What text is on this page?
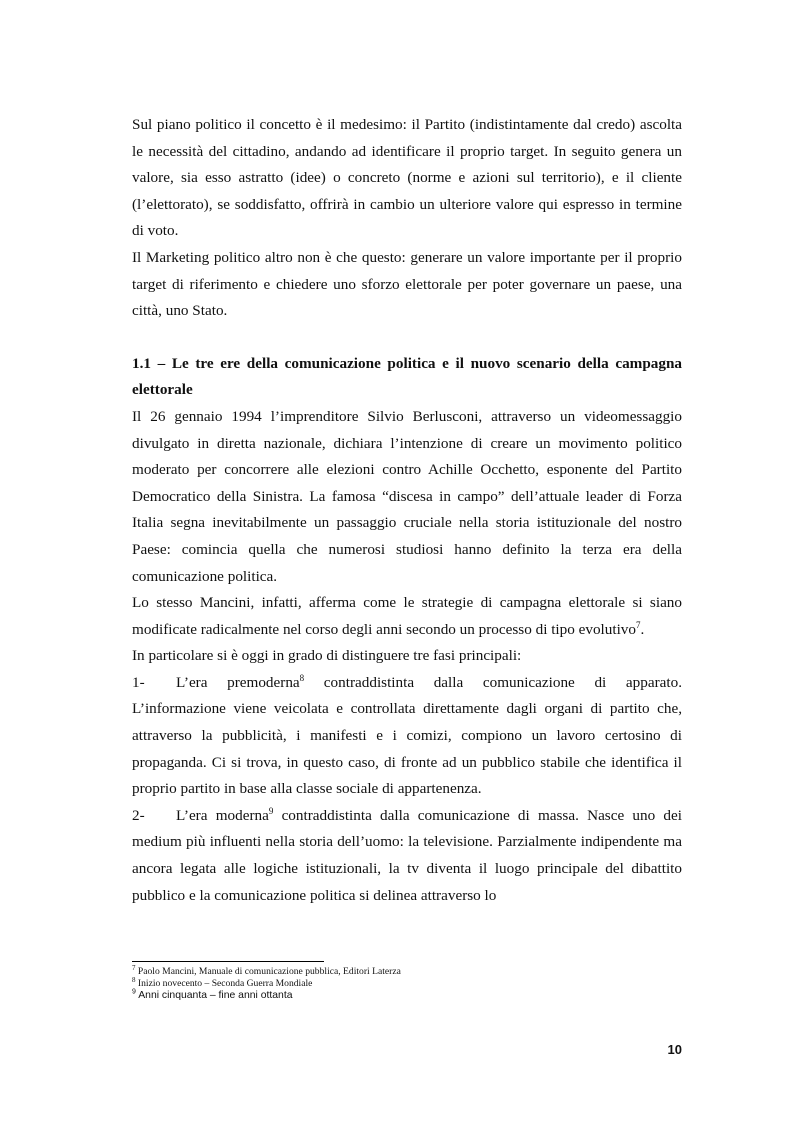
Sul piano politico il concetto è il medesimo: il Partito (indistintamente dal credo) ascolta le necessità del cittadino, andando ad identificare il proprio target. In seguito genera un valore, sia esso astratto (idee) o concreto (norme e azioni sul territorio), e il cliente (l’elettorato), se soddisfatto, offrirà in cambio un ulteriore valore qui espresso in termine di voto.

Il Marketing politico altro non è che questo: generare un valore importante per il proprio target di riferimento e chiedere uno sforzo elettorale per poter governare un paese, una città, uno Stato.

1.1 – Le tre ere della comunicazione politica e il nuovo scenario della campagna elettorale

Il 26 gennaio 1994 l’imprenditore Silvio Berlusconi, attraverso un videomessaggio divulgato in diretta nazionale, dichiara l’intenzione di creare un movimento politico moderato per concorrere alle elezioni contro Achille Occhetto, esponente del Partito Democratico della Sinistra. La famosa “discesa in campo” dell’attuale leader di Forza Italia segna inevitabilmente un passaggio cruciale nella storia istituzionale del nostro Paese: comincia quella che numerosi studiosi hanno definito la terza era della comunicazione politica.

Lo stesso Mancini, infatti, afferma come le strategie di campagna elettorale si siano modificate radicalmente nel corso degli anni secondo un processo di tipo evolutivo$^7$.

In particolare si è oggi in grado di distinguere tre fasi principali:

1- L’era premoderna$^8$ contraddistinta dalla comunicazione di apparato. L’informazione viene veicolata e controllata direttamente dagli organi di partito che, attraverso la pubblicità, i manifesti e i comizi, compiono un lavoro certosino di propaganda. Ci si trova, in questo caso, di fronte ad un pubblico stabile che identifica il proprio partito in base alla classe sociale di appartenenza.

2- L’era moderna$^9$ contraddistinta dalla comunicazione di massa. Nasce uno dei medium più influenti nella storia dell’uomo: la televisione. Parzialmente indipendente ma ancora legata alle logiche istituzionali, la tv diventa il luogo principale del dibattito pubblico e la comunicazione politica si delinea attraverso lo

$^7$ Paolo Mancini, Manuale di comunicazione pubblica, Editori Laterza
$^8$ Inizio novecento – Seconda Guerra Mondiale
$^9$ Anni cinquanta – fine anni ottanta
10
